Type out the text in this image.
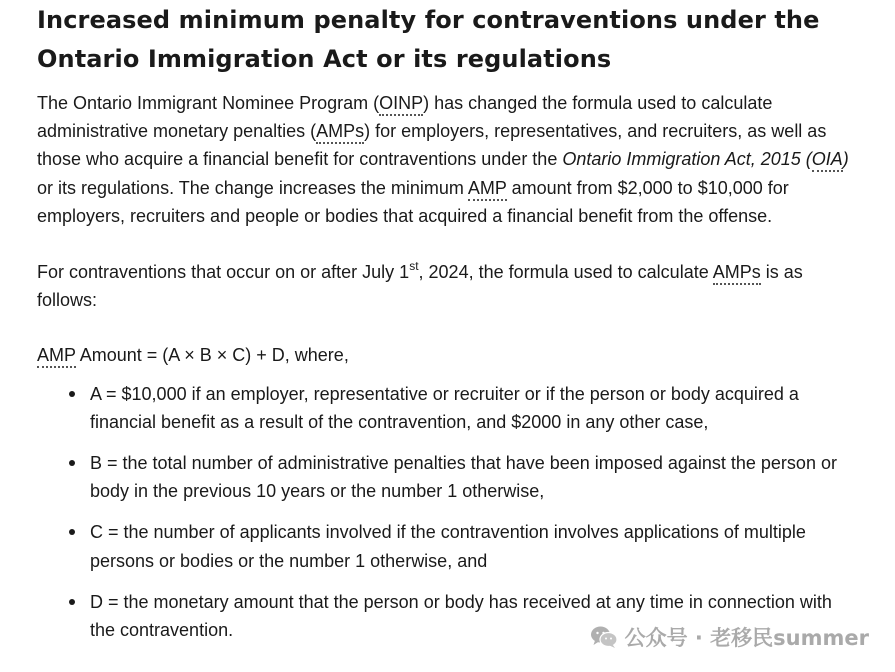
Increased minimum penalty for contraventions under the Ontario Immigration Act or its regulations

The Ontario Immigrant Nominee Program (OINP) has changed the formula used to calculate administrative monetary penalties (AMPs) for employers, representatives, and recruiters, as well as those who acquire a financial benefit for contraventions under the Ontario Immigration Act, 2015 (OIA) or its regulations. The change increases the minimum AMP amount from $2,000 to $10,000 for employers, recruiters and people or bodies that acquired a financial benefit from the offense.

For contraventions that occur on or after July 1st, 2024, the formula used to calculate AMPs is as follows:

AMP Amount = (A × B × C) + D, where,

A = $10,000 if an employer, representative or recruiter or if the person or body acquired a financial benefit as a result of the contravention, and $2000 in any other case,
B = the total number of administrative penalties that have been imposed against the person or body in the previous 10 years or the number 1 otherwise,
C = the number of applicants involved if the contravention involves applications of multiple persons or bodies or the number 1 otherwise, and
D = the monetary amount that the person or body has received at any time in connection with the contravention.	公众号 · 老移民summer
